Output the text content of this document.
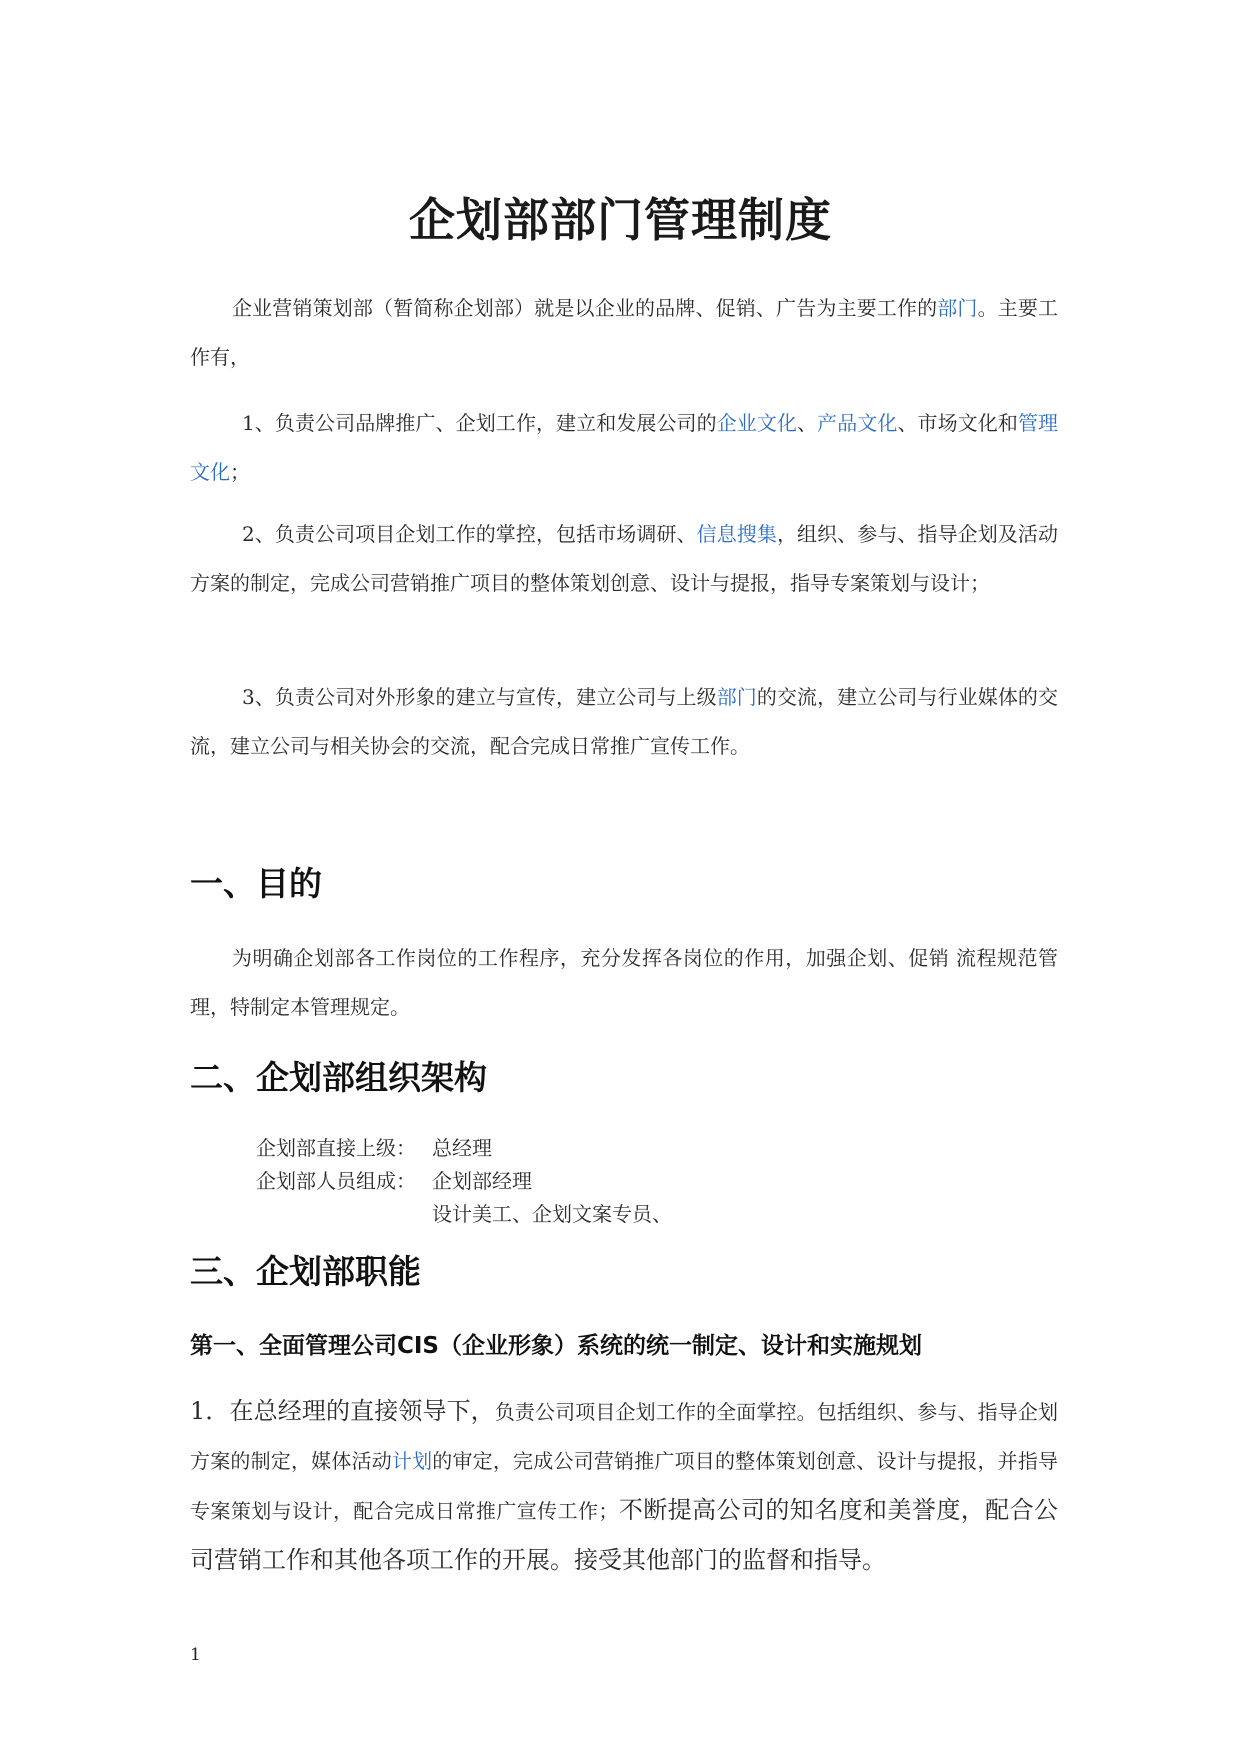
企划部部门管理制度

企业营销策划部（暂简称企划部）就是以企业的品牌、促销、广告为主要工作的部门。主要工作有，

1、负责公司品牌推广、企划工作，建立和发展公司的企业文化、产品文化、市场文化和管理文化；

2、负责公司项目企划工作的掌控，包括市场调研、信息搜集，组织、参与、指导企划及活动方案的制定，完成公司营销推广项目的整体策划创意、设计与提报，指导专案策划与设计；

3、负责公司对外形象的建立与宣传，建立公司与上级部门的交流，建立公司与行业媒体的交流，建立公司与相关协会的交流，配合完成日常推广宣传工作。

一、目的

为明确企划部各工作岗位的工作程序，充分发挥各岗位的作用，加强企划、促销 流程规范管理，特制定本管理规定。

二、企划部组织架构
企划部直接上级： 总经理
企划部人员组成： 企划部经理
设计美工、企划文案专员、
三、企划部职能
第一、全面管理公司CIS（企业形象）系统的统一制定、设计和实施规划

1．在总经理的直接领导下，负责公司项目企划工作的全面掌控。包括组织、参与、指导企划方案的制定，媒体活动计划的审定，完成公司营销推广项目的整体策划创意、设计与提报，并指导专案策划与设计，配合完成日常推广宣传工作；不断提高公司的知名度和美誉度，配合公司营销工作和其他各项工作的开展。接受其他部门的监督和指导。

1
